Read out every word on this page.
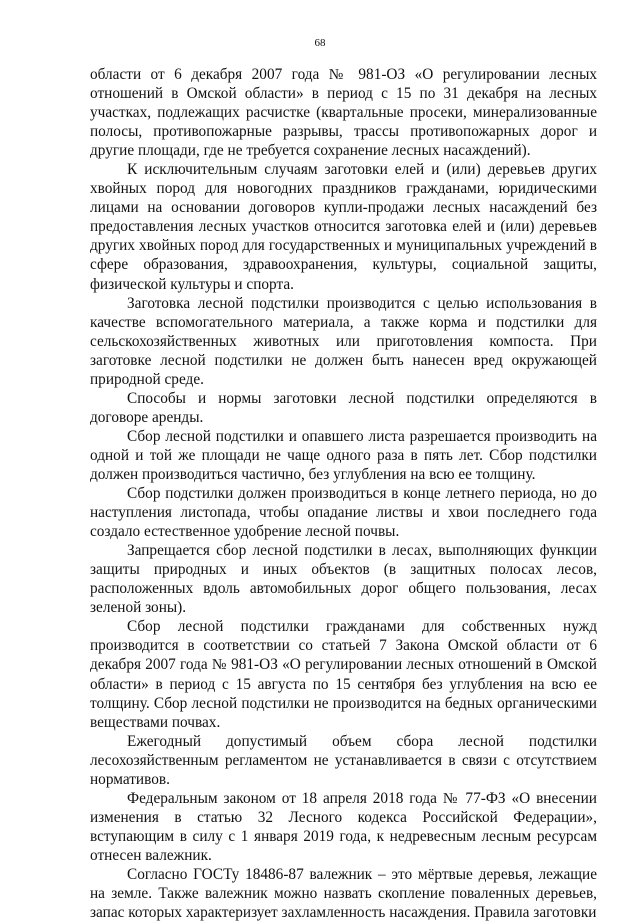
68

области от 6 декабря 2007 года № 981-ОЗ «О регулировании лесных отношений в Омской области» в период с 15 по 31 декабря на лесных участках, подлежащих расчистке (квартальные просеки, минерализованные полосы, противопожарные разрывы, трассы противопожарных дорог и другие площади, где не требуется сохранение лесных насаждений).

К исключительным случаям заготовки елей и (или) деревьев других хвойных пород для новогодних праздников гражданами, юридическими лицами на основании договоров купли-продажи лесных насаждений без предоставления лесных участков относится заготовка елей и (или) деревьев других хвойных пород для государственных и муниципальных учреждений в сфере образования, здравоохранения, культуры, социальной защиты, физической культуры и спорта.

Заготовка лесной подстилки производится с целью использования в качестве вспомогательного материала, а также корма и подстилки для сельскохозяйственных животных или приготовления компоста. При заготовке лесной подстилки не должен быть нанесен вред окружающей природной среде.

Способы и нормы заготовки лесной подстилки определяются в договоре аренды.

Сбор лесной подстилки и опавшего листа разрешается производить на одной и той же площади не чаще одного раза в пять лет. Сбор подстилки должен производиться частично, без углубления на всю ее толщину.

Сбор подстилки должен производиться в конце летнего периода, но до наступления листопада, чтобы опадание листвы и хвои последнего года создало естественное удобрение лесной почвы.

Запрещается сбор лесной подстилки в лесах, выполняющих функции защиты природных и иных объектов (в защитных полосах лесов, расположенных вдоль автомобильных дорог общего пользования, лесах зеленой зоны).

Сбор лесной подстилки гражданами для собственных нужд производится в соответствии со статьей 7 Закона Омской области от 6 декабря 2007 года № 981-ОЗ «О регулировании лесных отношений в Омской области» в период с 15 августа по 15 сентября без углубления на всю ее толщину. Сбор лесной подстилки не производится на бедных органическими веществами почвах.

Ежегодный допустимый объем сбора лесной подстилки лесохозяйственным регламентом не устанавливается в связи с отсутствием нормативов.

Федеральным законом от 18 апреля 2018 года № 77-ФЗ «О внесении изменения в статью 32 Лесного кодекса Российской Федерации», вступающим в силу с 1 января 2019 года, к недревесным лесным ресурсам отнесен валежник.

Согласно ГОСТу 18486-87 валежник – это мёртвые деревья, лежащие на земле. Также валежник можно назвать скопление поваленных деревьев, запас которых характеризует захламленность насаждения. Правила заготовки
